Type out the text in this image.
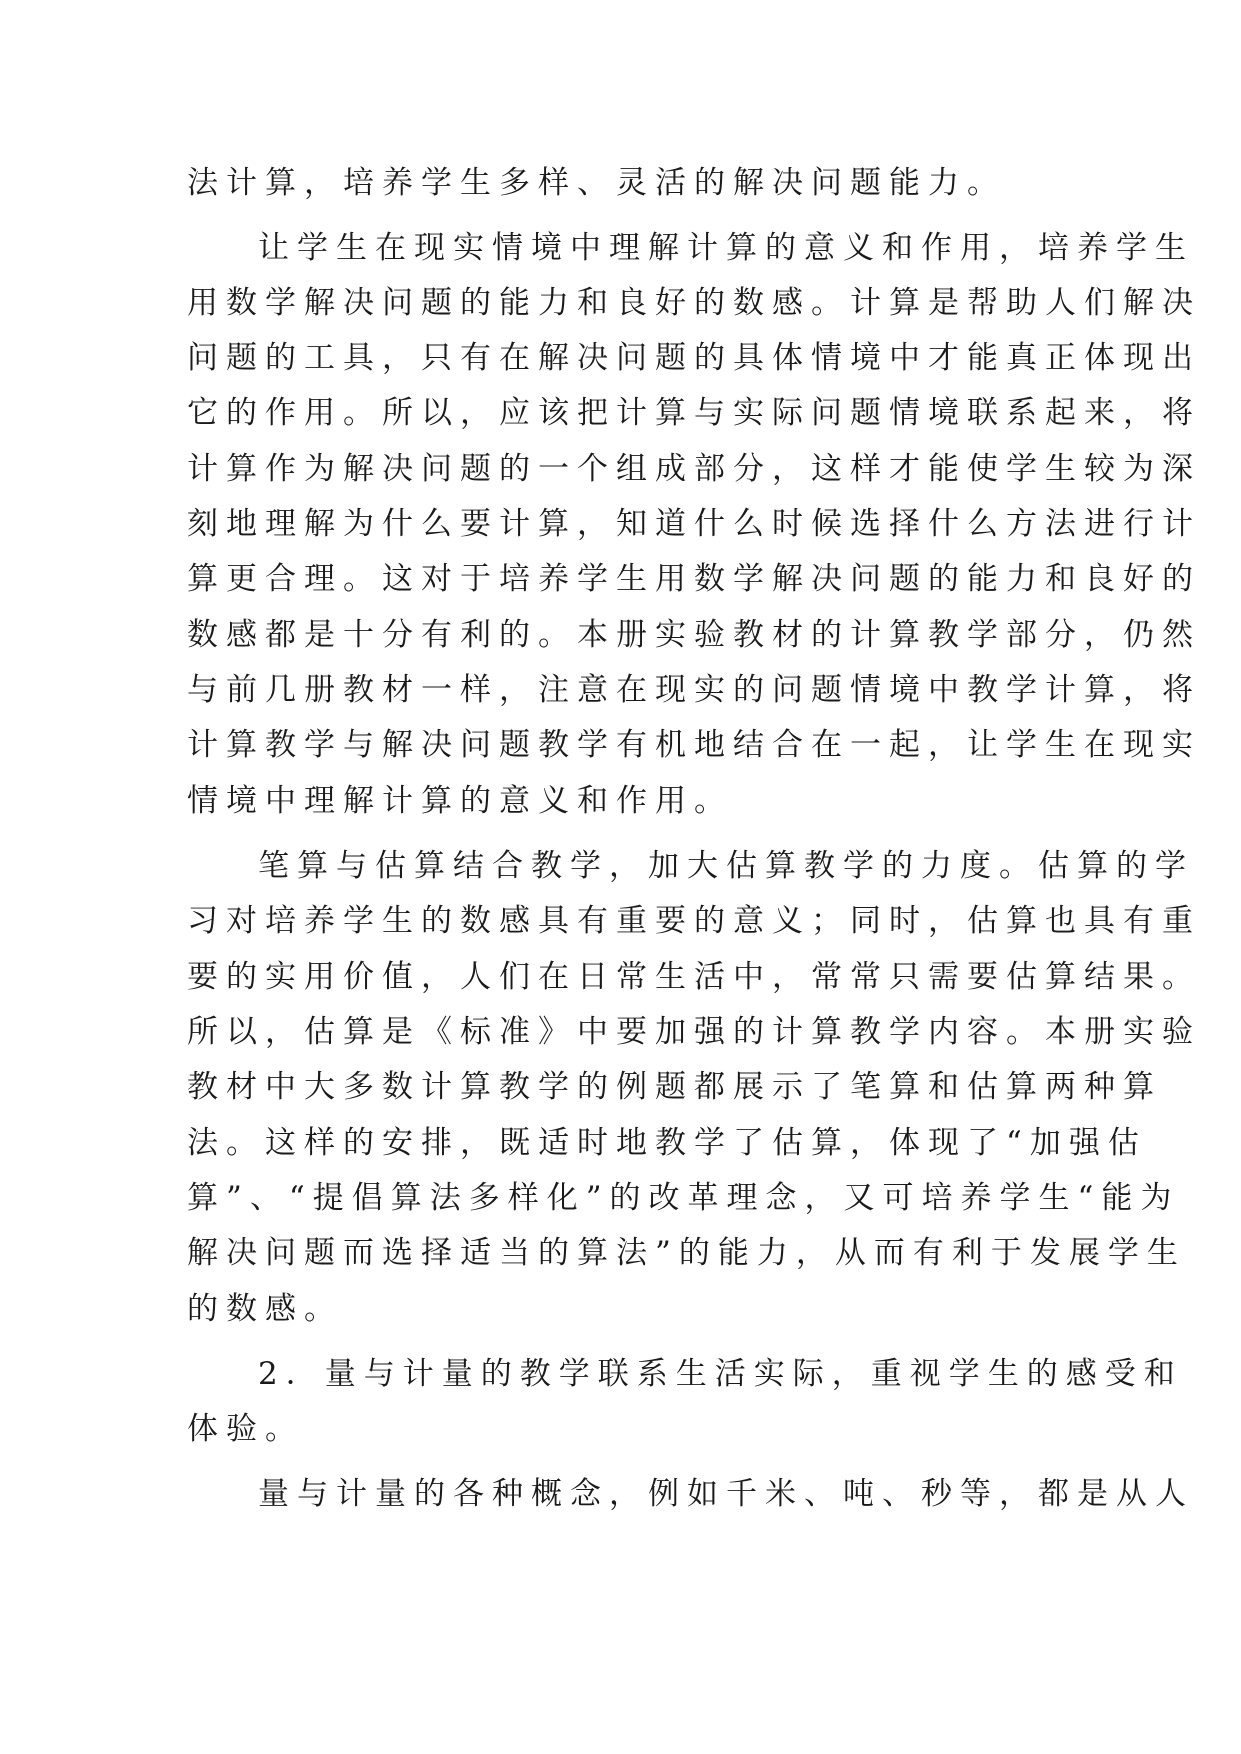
法计算，培养学生多样、灵活的解决问题能力。
让学生在现实情境中理解计算的意义和作用，培养学生
用数学解决问题的能力和良好的数感。计算是帮助人们解决
问题的工具，只有在解决问题的具体情境中才能真正体现出
它的作用。所以，应该把计算与实际问题情境联系起来，将
计算作为解决问题的一个组成部分，这样才能使学生较为深
刻地理解为什么要计算，知道什么时候选择什么方法进行计
算更合理。这对于培养学生用数学解决问题的能力和良好的
数感都是十分有利的。本册实验教材的计算教学部分，仍然
与前几册教材一样，注意在现实的问题情境中教学计算，将
计算教学与解决问题教学有机地结合在一起，让学生在现实
情境中理解计算的意义和作用。
笔算与估算结合教学，加大估算教学的力度。估算的学
习对培养学生的数感具有重要的意义；同时，估算也具有重
要的实用价值，人们在日常生活中，常常只需要估算结果。
所以，估算是《标准》中要加强的计算教学内容。本册实验
教材中大多数计算教学的例题都展示了笔算和估算两种算
法。这样的安排，既适时地教学了估算，体现了“加强估
算”、“提倡算法多样化”的改革理念，又可培养学生“能为
解决问题而选择适当的算法”的能力，从而有利于发展学生
的数感。
2．量与计量的教学联系生活实际，重视学生的感受和
体验。
量与计量的各种概念，例如千米、吨、秒等，都是从人
